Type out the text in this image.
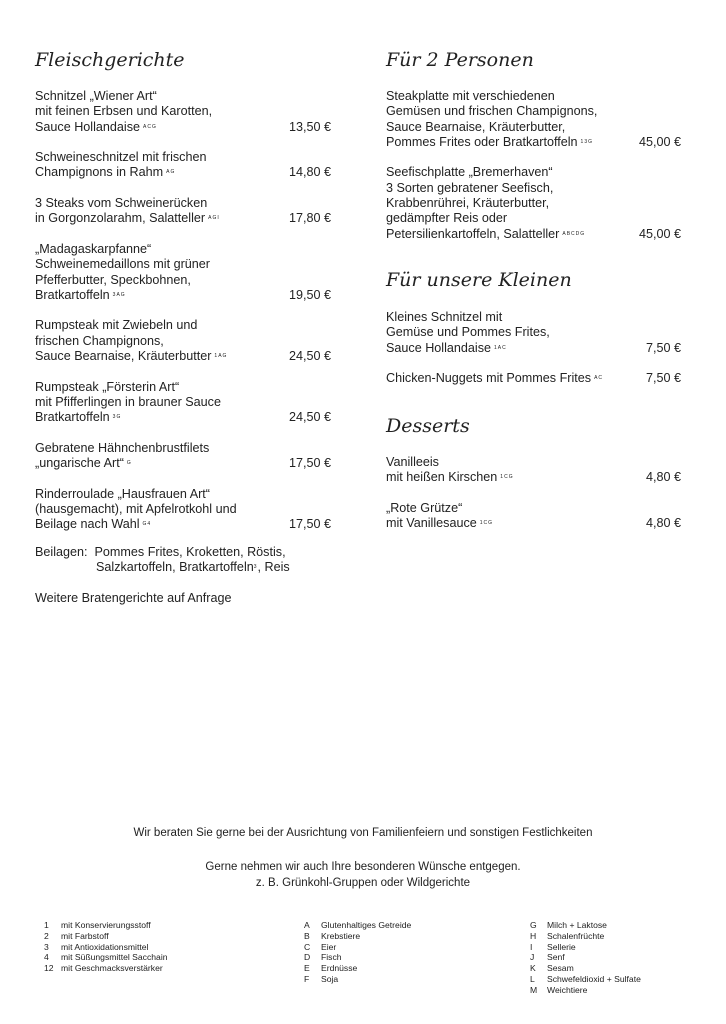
Fleischgerichte
Schnitzel „Wiener Art“
mit feinen Erbsen und Karotten,
Sauce Hollandaise $^{ACG}$	13,50 €
Schweineschnitzel mit frischen
Champignons in Rahm $^{AG}$	14,80 €
3 Steaks vom Schweinerücken
in Gorgonzolarahm, Salatteller $^{AGI}$	17,80 €
„Madagaskarpfanne“
Schweinemedaillons mit grüner
Pfefferbutter, Speckbohnen,
Bratkartoffeln $^{3AG}$	19,50 €
Rumpsteak mit Zwiebeln und
frischen Champignons,
Sauce Bearnaise, Kräuterbutter $^{1AG}$	24,50 €
Rumpsteak „Försterin Art“
mit Pfifferlingen in brauner Sauce
Bratkartoffeln $^{3G}$	24,50 €
Gebratene Hähnchenbrustfilets
„ungarische Art“ $^G$	17,50 €
Rinderroulade „Hausfrauen Art“
(hausgemacht), mit Apfelrotkohl und
Beilage nach Wahl $^{G4}$	17,50 €
Beilagen: Pommes Frites, Kroketten, Röstis,
Salzkartoffeln, Bratkartoffeln$^3$, Reis
Weitere Bratengerichte auf Anfrage
Für 2 Personen
Steakplatte mit verschiedenen
Gemüsen und frischen Champignons,
Sauce Bearnaise, Kräuterbutter,
Pommes Frites oder Bratkartoffeln $^{13G}$	45,00 €
Seefischplatte „Bremerhaven“
3 Sorten gebratener Seefisch,
Krabbenrührei, Kräuterbutter,
gedämpfter Reis oder
Petersilienkartoffeln, Salatteller $^{ABCDG}$	45,00 €
Für unsere Kleinen
Kleines Schnitzel mit
Gemüse und Pommes Frites,
Sauce Hollandaise $^{1AC}$	7,50 €
Chicken-Nuggets mit Pommes Frites $^{AC}$	7,50 €
Desserts
Vanilleeis
mit heißen Kirschen $^{1CG}$	4,80 €
„Rote Grütze“
mit Vanillesauce $^{1CG}$	4,80 €
Wir beraten Sie gerne bei der Ausrichtung von Familienfeiern und sonstigen Festlichkeiten
Gerne nehmen wir auch Ihre besonderen Wünsche entgegen.
z. B. Grünkohl-Gruppen oder Wildgerichte
1 mit Konservierungsstoff
2 mit Farbstoff
3 mit Antioxidationsmittel
4 mit Süßungsmittel Sacchain
12 mit Geschmacksverstärker
A Glutenhaltiges Getreide
B Krebstiere
C Eier
D Fisch
E Erdnüsse
F Soja
G Milch + Laktose
H Schalenfrüchte
I Sellerie
J Senf
K Sesam
L Schwefeldioxid + Sulfate
M Weichtiere
